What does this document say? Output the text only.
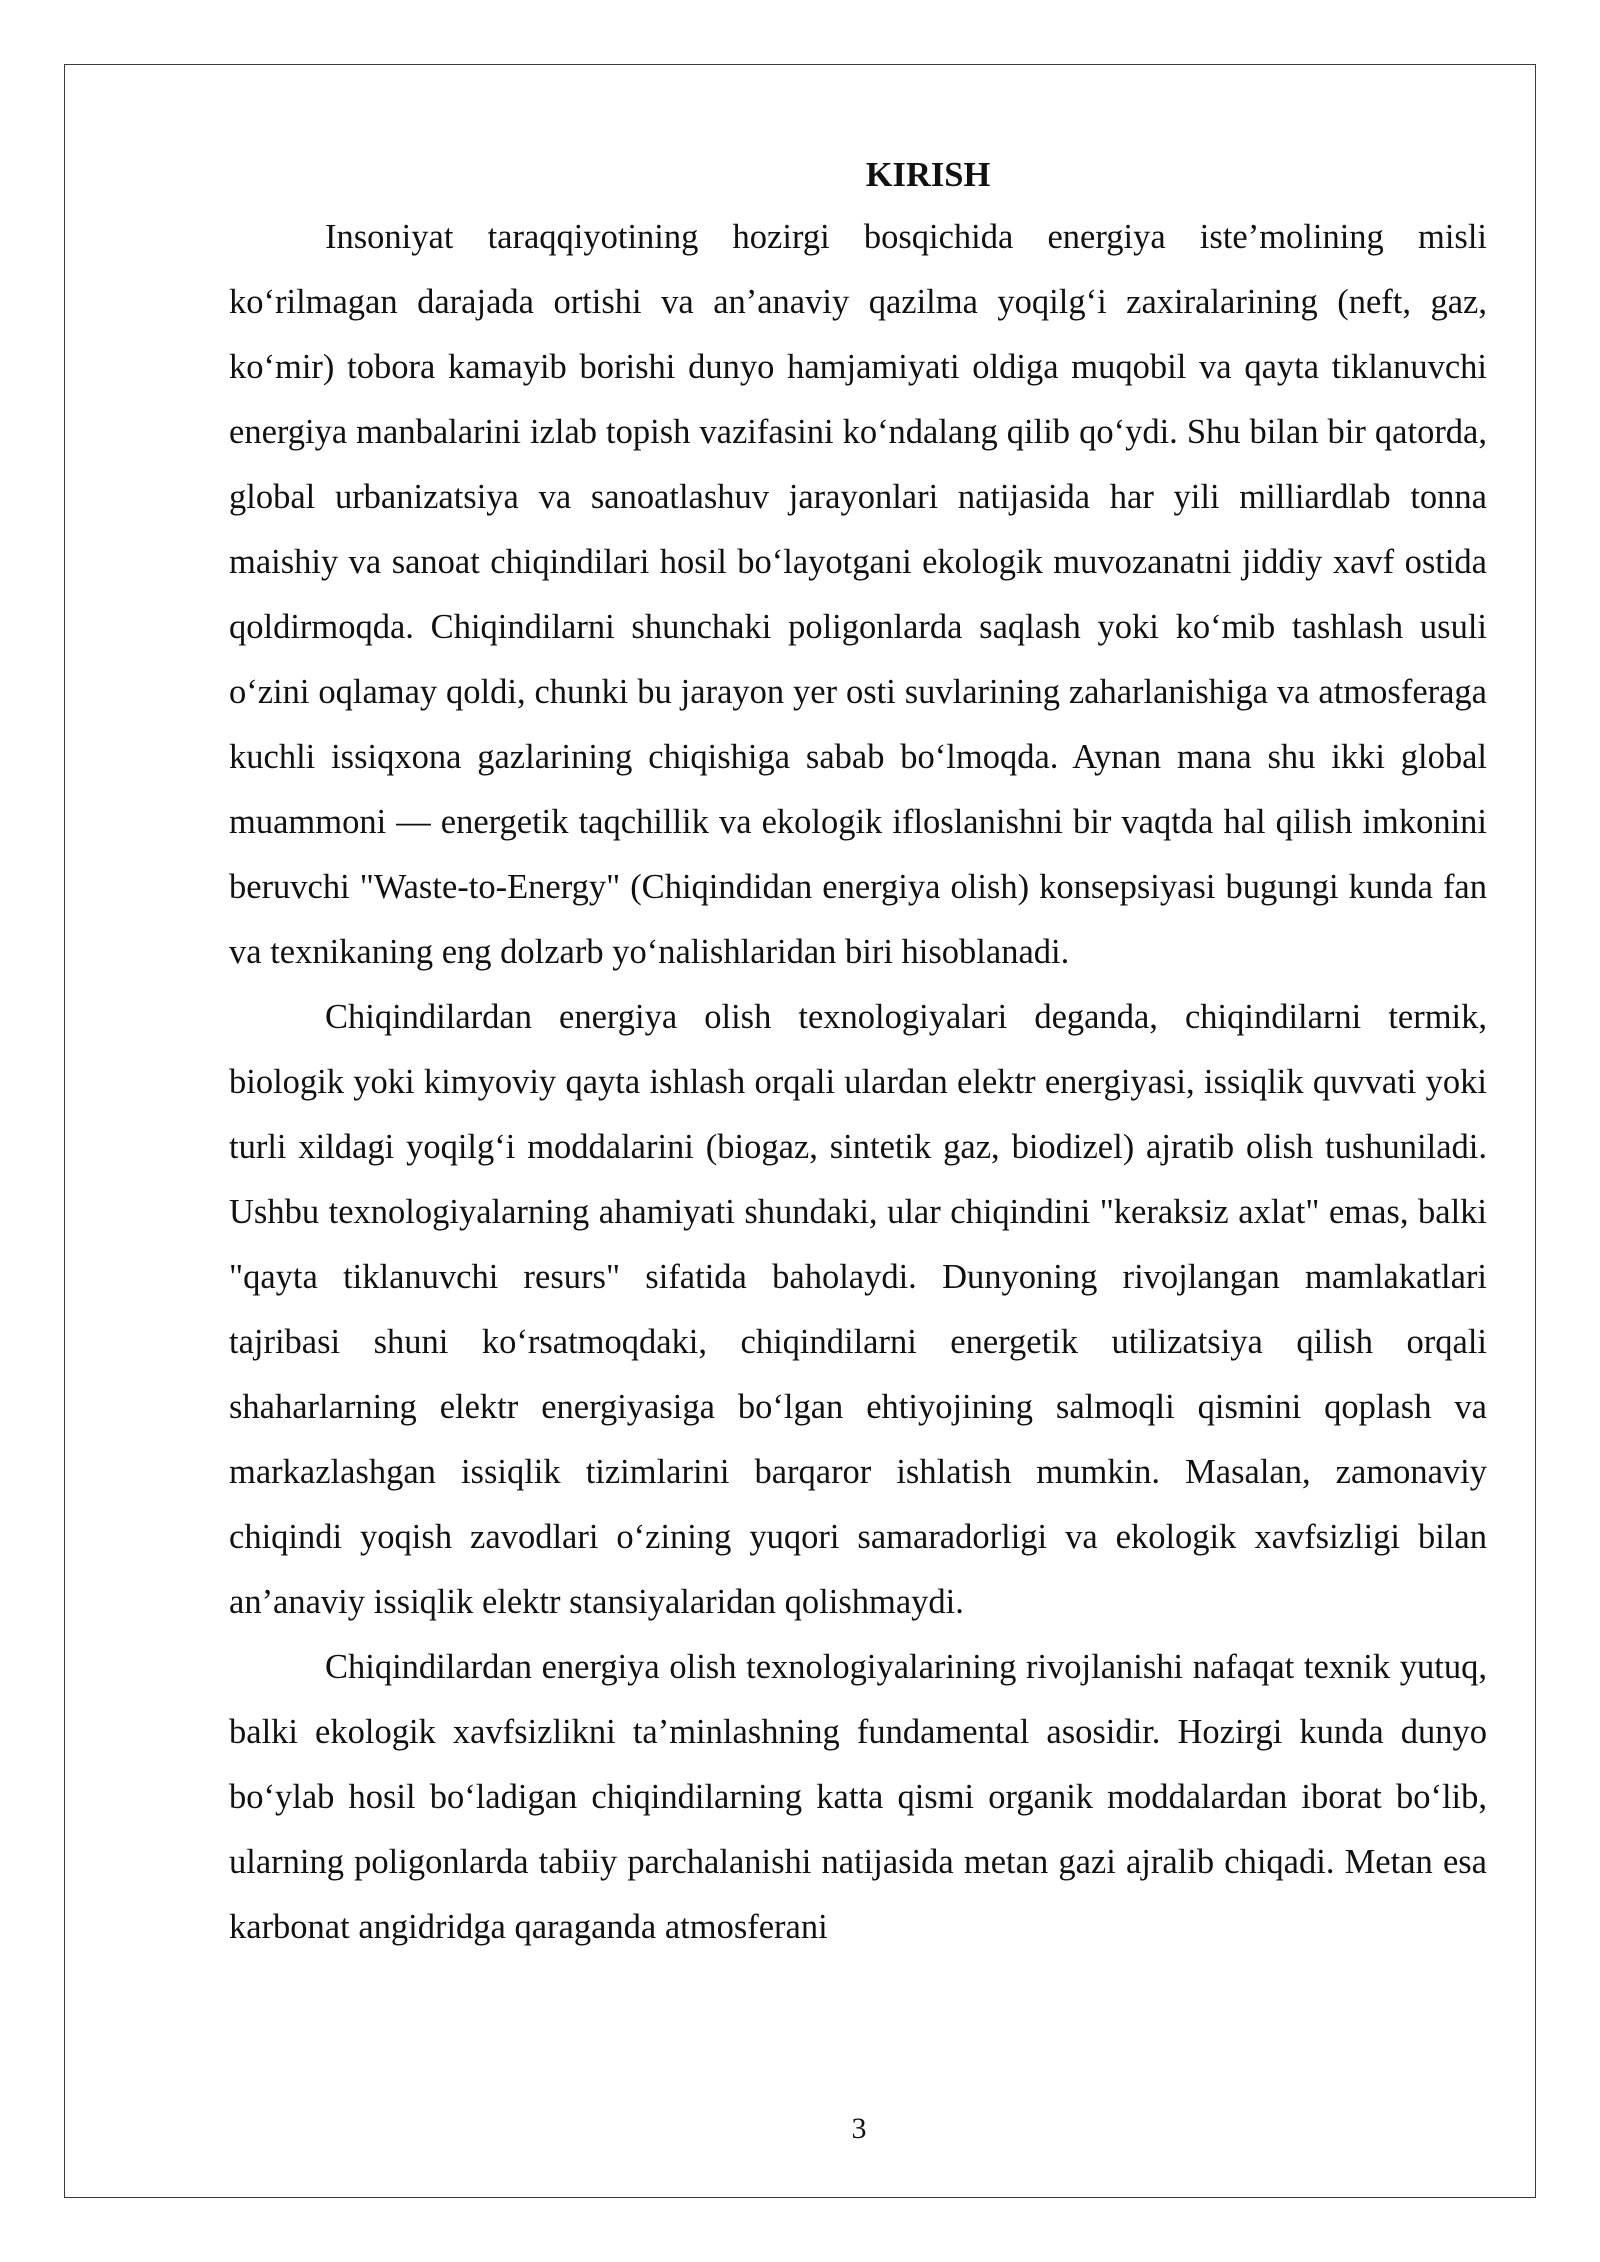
KIRISH

Insoniyat taraqqiyotining hozirgi bosqichida energiya iste’molining misli ko‘rilmagan darajada ortishi va an’anaviy qazilma yoqilg‘i zaxiralarining (neft, gaz, ko‘mir) tobora kamayib borishi dunyo hamjamiyati oldiga muqobil va qayta tiklanuvchi energiya manbalarini izlab topish vazifasini ko‘ndalang qilib qo‘ydi. Shu bilan bir qatorda, global urbanizatsiya va sanoatlashuv jarayonlari natijasida har yili milliardlab tonna maishiy va sanoat chiqindilari hosil bo‘layotgani ekologik muvozanatni jiddiy xavf ostida qoldirmoqda. Chiqindilarni shunchaki poligonlarda saqlash yoki ko‘mib tashlash usuli o‘zini oqlamay qoldi, chunki bu jarayon yer osti suvlarining zaharlanishiga va atmosferaga kuchli issiqxona gazlarining chiqishiga sabab bo‘lmoqda. Aynan mana shu ikki global muammoni — energetik taqchillik va ekologik ifloslanishni bir vaqtda hal qilish imkonini beruvchi "Waste-to-Energy" (Chiqindidan energiya olish) konsepsiyasi bugungi kunda fan va texnikaning eng dolzarb yo‘nalishlaridan biri hisoblanadi.

Chiqindilardan energiya olish texnologiyalari deganda, chiqindilarni termik, biologik yoki kimyoviy qayta ishlash orqali ulardan elektr energiyasi, issiqlik quvvati yoki turli xildagi yoqilg‘i moddalarini (biogaz, sintetik gaz, biodizel) ajratib olish tushuniladi. Ushbu texnologiyalarning ahamiyati shundaki, ular chiqindini "keraksiz axlat" emas, balki "qayta tiklanuvchi resurs" sifatida baholaydi. Dunyoning rivojlangan mamlakatlari tajribasi shuni ko‘rsatmoqdaki, chiqindilarni energetik utilizatsiya qilish orqali shaharlarning elektr energiyasiga bo‘lgan ehtiyojining salmoqli qismini qoplash va markazlashgan issiqlik tizimlarini barqaror ishlatish mumkin. Masalan, zamonaviy chiqindi yoqish zavodlari o‘zining yuqori samaradorligi va ekologik xavfsizligi bilan an’anaviy issiqlik elektr stansiyalaridan qolishmaydi.

Chiqindilardan energiya olish texnologiyalarining rivojlanishi nafaqat texnik yutuq, balki ekologik xavfsizlikni ta’minlashning fundamental asosidir. Hozirgi kunda dunyo bo‘ylab hosil bo‘ladigan chiqindilarning katta qismi organik moddalardan iborat bo‘lib, ularning poligonlarda tabiiy parchalanishi natijasida metan gazi ajralib chiqadi. Metan esa karbonat angidridga qaraganda atmosferani

3
